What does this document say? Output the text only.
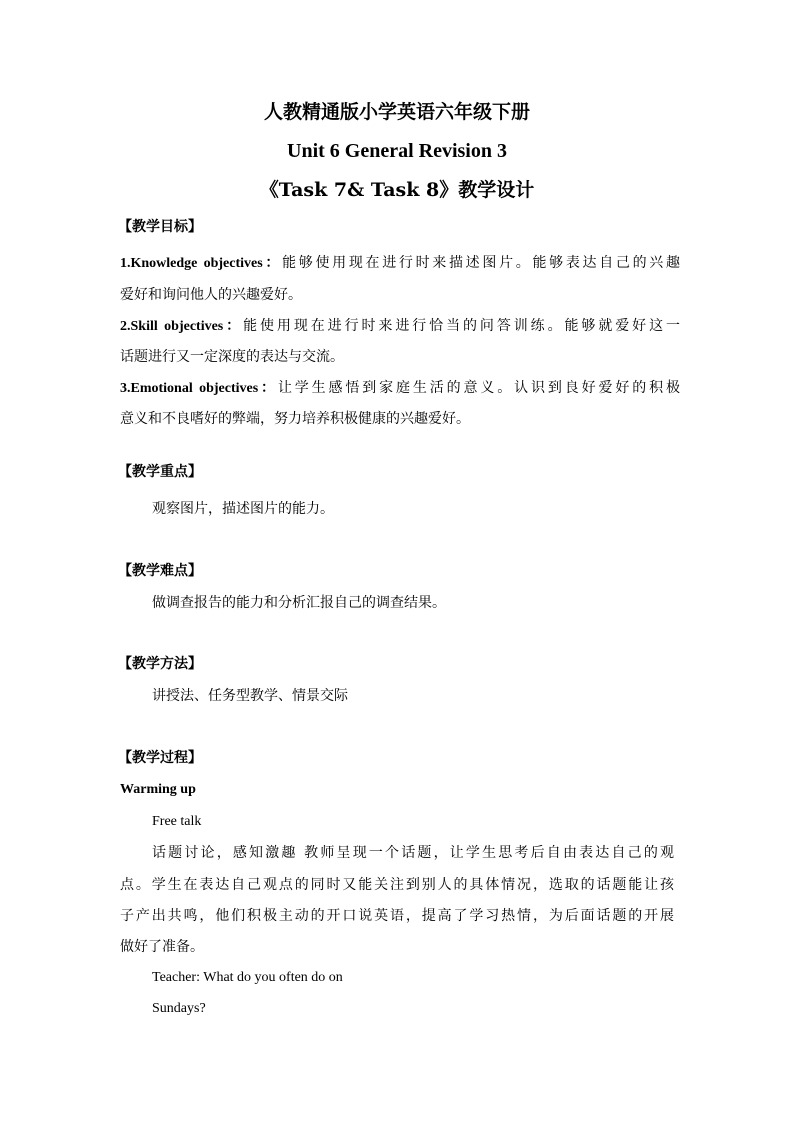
人教精通版小学英语六年级下册
Unit 6 General Revision 3
《Task 7& Task 8》教学设计
【教学目标】
1.Knowledge objectives：能够使用现在进行时来描述图片。能够表达自己的兴趣
爱好和询问他人的兴趣爱好。
2.Skill objectives：能使用现在进行时来进行恰当的问答训练。能够就爱好这一
话题进行又一定深度的表达与交流。
3.Emotional objectives：让学生感悟到家庭生活的意义。认识到良好爱好的积极
意义和不良嗜好的弊端，努力培养积极健康的兴趣爱好。
【教学重点】
观察图片，描述图片的能力。
【教学难点】
做调查报告的能力和分析汇报自己的调查结果。
【教学方法】
讲授法、任务型教学、情景交际
【教学过程】
Warming up
Free talk
话题讨论，感知激趣 教师呈现一个话题，让学生思考后自由表达自己的观
点。学生在表达自己观点的同时又能关注到别人的具体情况，选取的话题能让孩
子产出共鸣，他们积极主动的开口说英语，提高了学习热情，为后面话题的开展
做好了准备。
Teacher: What do you often do on
Sundays?
